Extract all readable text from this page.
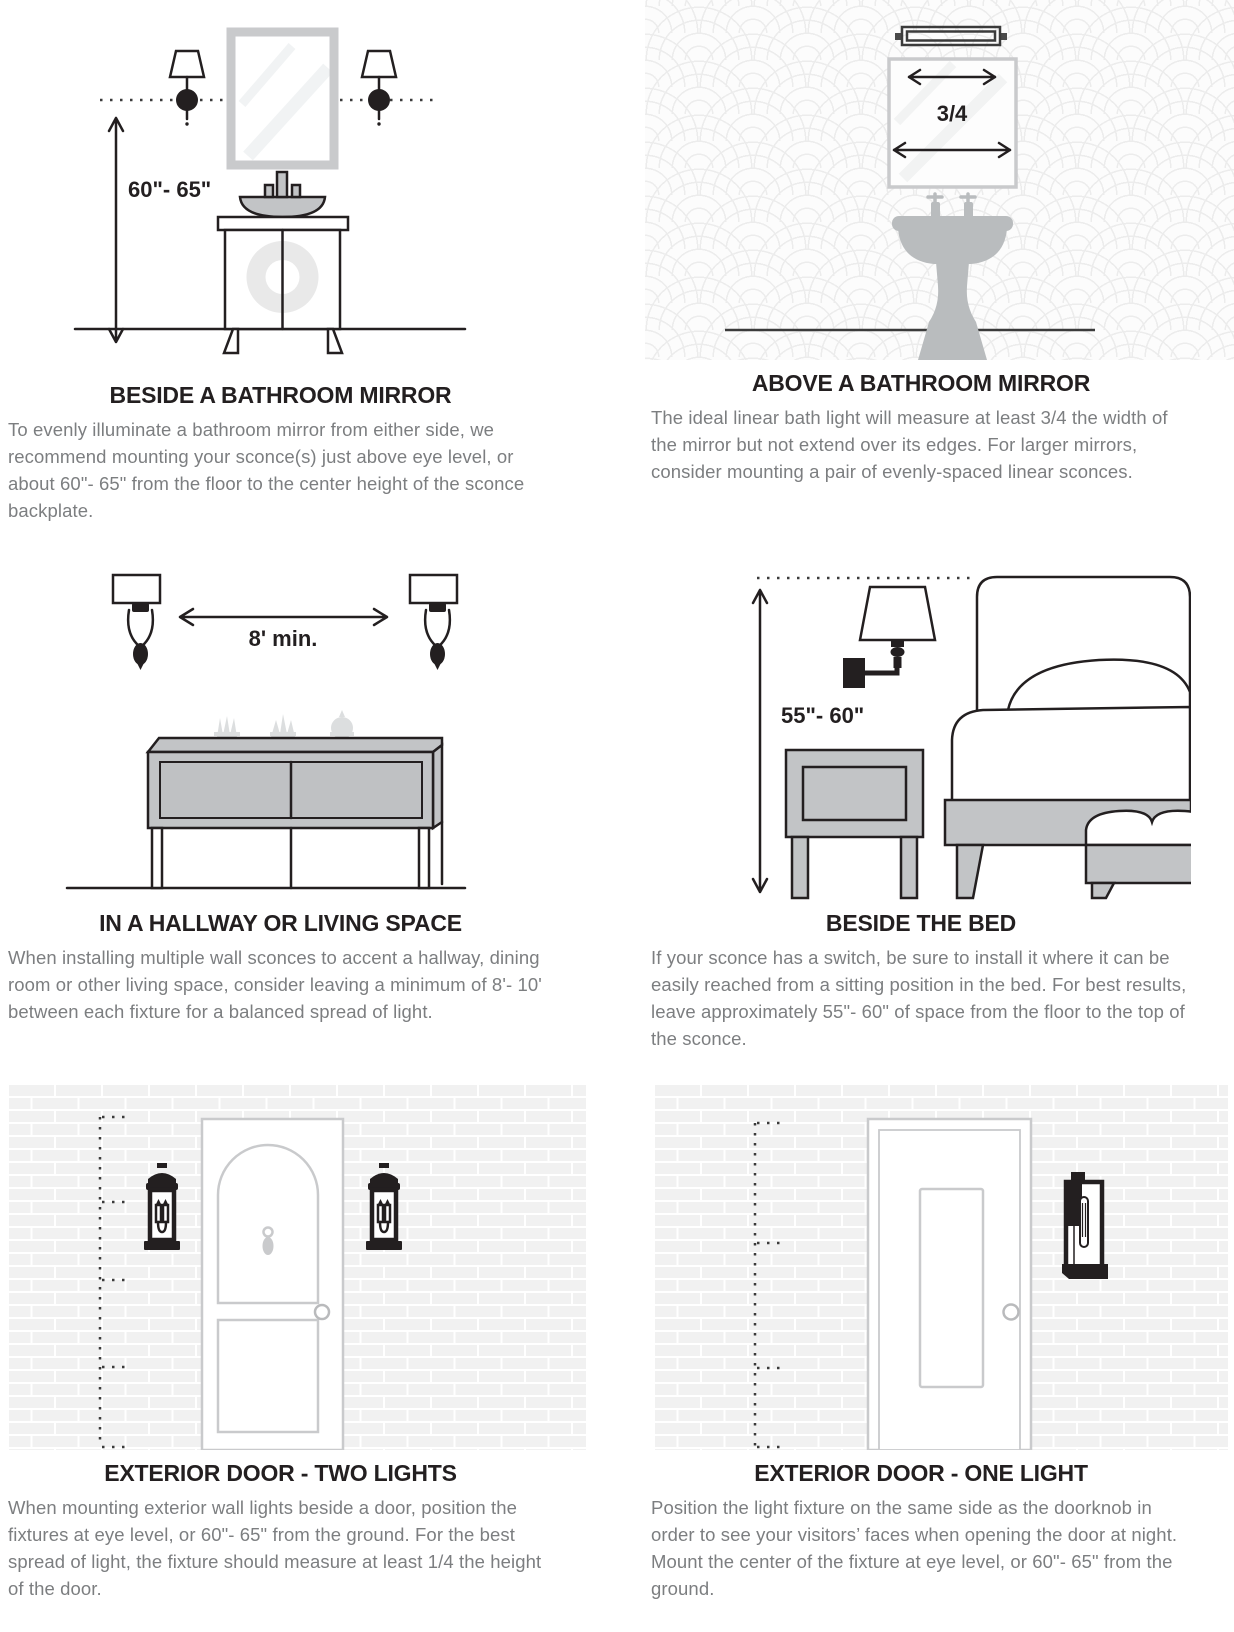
60"- 65"
BESIDE A BATHROOM MIRROR

To evenly illuminate a bathroom mirror from either side, we recommend mounting your sconce(s) just above eye level, or about 60"- 65" from the floor to the center height of the sconce backplate.

3/4
ABOVE A BATHROOM MIRROR

The ideal linear bath light will measure at least 3/4 the width of the mirror but not extend over its edges. For larger mirrors, consider mounting a pair of evenly-spaced linear sconces.

8' min.
IN A HALLWAY OR LIVING SPACE

When installing multiple wall sconces to accent a hallway, dining room or other living space, consider leaving a minimum of 8'- 10' between each fixture for a balanced spread of light.

55"- 60"
BESIDE THE BED

If your sconce has a switch, be sure to install it where it can be easily reached from a sitting position in the bed. For best results, leave approximately 55"- 60" of space from the floor to the top of the sconce.

EXTERIOR DOOR - TWO LIGHTS

When mounting exterior wall lights beside a door, position the fixtures at eye level, or 60"- 65" from the ground. For the best spread of light, the fixture should measure at least 1/4 the height of the door.

EXTERIOR DOOR - ONE LIGHT

Position the light fixture on the same side as the doorknob in order to see your visitors’ faces when opening the door at night. Mount the center of the fixture at eye level, or 60"- 65" from the ground.
